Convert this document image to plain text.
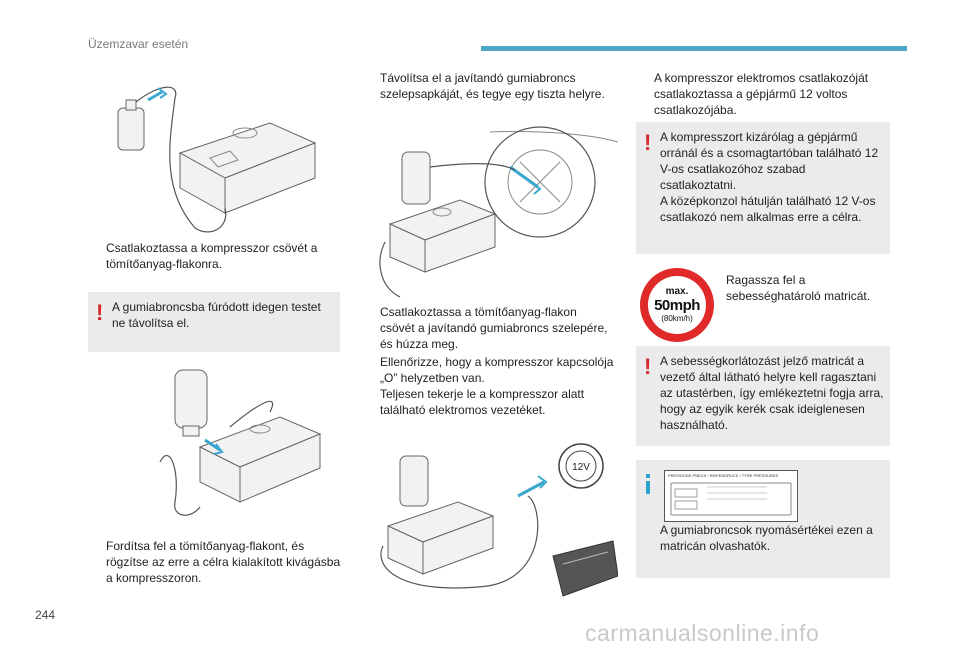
Üzemzavar esetén
Csatlakoztassa a kompresszor csövét a tömítőanyag-flakonra.
! A gumiabroncsba fúródott idegen testet ne távolítsa el.
Fordítsa fel a tömítőanyag-flakont, és rögzítse az erre a célra kialakított kivágásba a kompresszoron.
Távolítsa el a javítandó gumiabroncs szelepsapkáját, és tegye egy tiszta helyre.
Csatlakoztassa a tömítőanyag-flakon csövét a javítandó gumiabroncs szelepére, és húzza meg.
Ellenőrizze, hogy a kompresszor kapcsolója „O” helyzetben van.
Teljesen tekerje le a kompresszor alatt található elektromos vezetéket.
12V
A kompresszor elektromos csatlakozóját csatlakoztassa a gépjármű 12 voltos csatlakozójába.
! A kompresszort kizárólag a gépjármű orránál és a csomagtartóban található 12 V-os csatlakozóhoz szabad csatlakoztatni.
A középkonzol hátulján található 12 V-os csatlakozó nem alkalmas erre a célra.
max.
50mph
(80km/h)
Ragassza fel a sebességhatároló matricát.
! A sebességkorlátozást jelző matricát a vezető által látható helyre kell ragasztani az utastérben, így emlékeztetni fogja arra, hogy az egyik kerék csak ideiglenesen használható.
A gumiabroncsok nyomásértékei ezen a matricán olvashatók.
PRESSIONS PNEUS / REIFENDRUCK / TYRE PRESSURES
244
carmanualsonline.info
